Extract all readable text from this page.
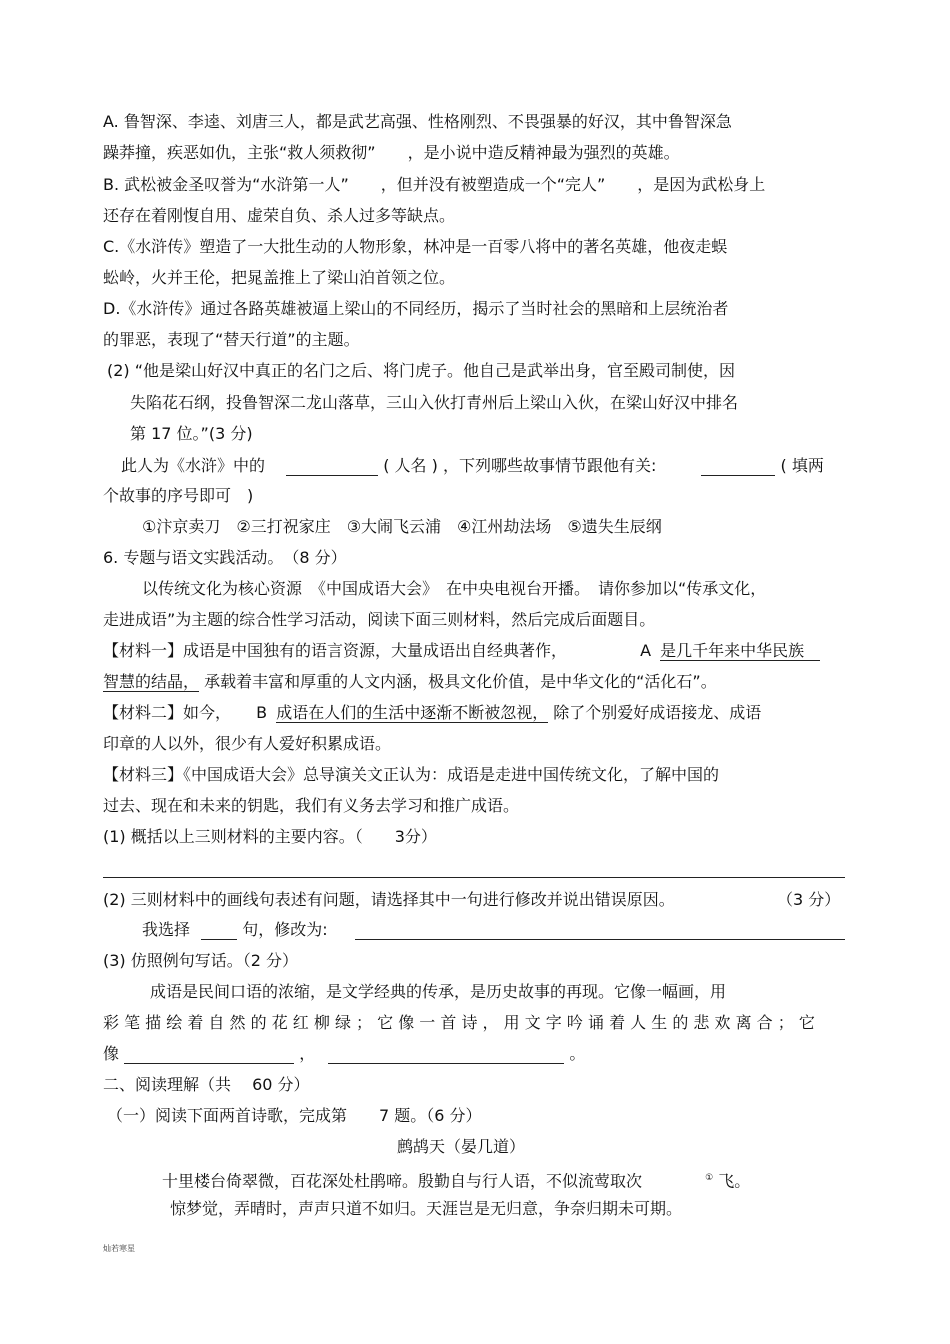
A. 鲁智深、李逵、刘唐三人，都是武艺高强、性格刚烈、不畏强暴的好汉，其中鲁智深急
躁莽撞，疾恶如仇，主张“救人须救彻”　　，是小说中造反精神最为强烈的英雄。
B. 武松被金圣叹誉为“水浒第一人”　　，但并没有被塑造成一个“完人”　　，是因为武松身上
还存在着刚愎自用、虚荣自负、杀人过多等缺点。
C.《水浒传》塑造了一大批生动的人物形象，林冲是一百零八将中的著名英雄，他夜走蜈
蚣岭，火并王伦，把晁盖推上了梁山泊首领之位。
D.《水浒传》通过各路英雄被逼上梁山的不同经历，揭示了当时社会的黑暗和上层统治者
的罪恶，表现了“替天行道”的主题。
(2) “他是梁山好汉中真正的名门之后、将门虎子。他自己是武举出身，官至殿司制使，因
失陷花石纲，投鲁智深二龙山落草，三山入伙打青州后上梁山入伙，在梁山好汉中排名
第 17 位。”(3 分)
此人为《水浒》中的	( 人名 ) ，下列哪些故事情节跟他有关:	( 填两
个故事的序号即可　)
①汴京卖刀　②三打祝家庄　③大闹飞云浦　④江州劫法场　⑤遗失生辰纲
6. 专题与语文实践活动。　（8 分）
以传统文化为核心资源　《中国成语大会》　在中央电视台开播。　请你参加以“传承文化，
走进成语”为主题的综合性学习活动，阅读下面三则材料，然后完成后面题目。
【材料一】成语是中国独有的语言资源，大量成语出自经典著作，	A 是几千年来中华民族
智慧的结晶， 承载着丰富和厚重的人文内涵，极具文化价值，是中华文化的“活化石”。
【材料二】如今， B 成语在人们的生活中逐渐不断被忽视， 除了个别爱好成语接龙、成语
印章的人以外，很少有人爱好积累成语。
【材料三】《中国成语大会》总导演关文正认为：成语是走进中国传统文化，了解中国的
过去、现在和未来的钥匙，我们有义务去学习和推广成语。
(1) 概括以上三则材料的主要内容。（　　3分）
(2) 三则材料中的画线句表述有问题，请选择其中一句进行修改并说出错误原因。	（3 分）
我选择	句，修改为:
(3) 仿照例句写话。（2 分）
成语是民间口语的浓缩，是文学经典的传承，是历史故事的再现。它像一幅画，用
彩 笔 描 绘 着 自 然 的 花 红 柳 绿 ； 它 像 一 首 诗 ， 用 文 字 吟 诵 着 人 生 的 悲 欢 离 合 ； 它
像	，	。
二、阅读理解（共　 60 分）
（一）阅读下面两首诗歌，完成第　　7 题。（6 分）
鹧鸪天（晏几道）
十里楼台倚翠微，百花深处杜鹃啼。殷勤自与行人语，不似流莺取次	① 飞。
惊梦觉，弄晴时，声声只道不如归。天涯岂是无归意，争奈归期未可期。
灿若寒星
